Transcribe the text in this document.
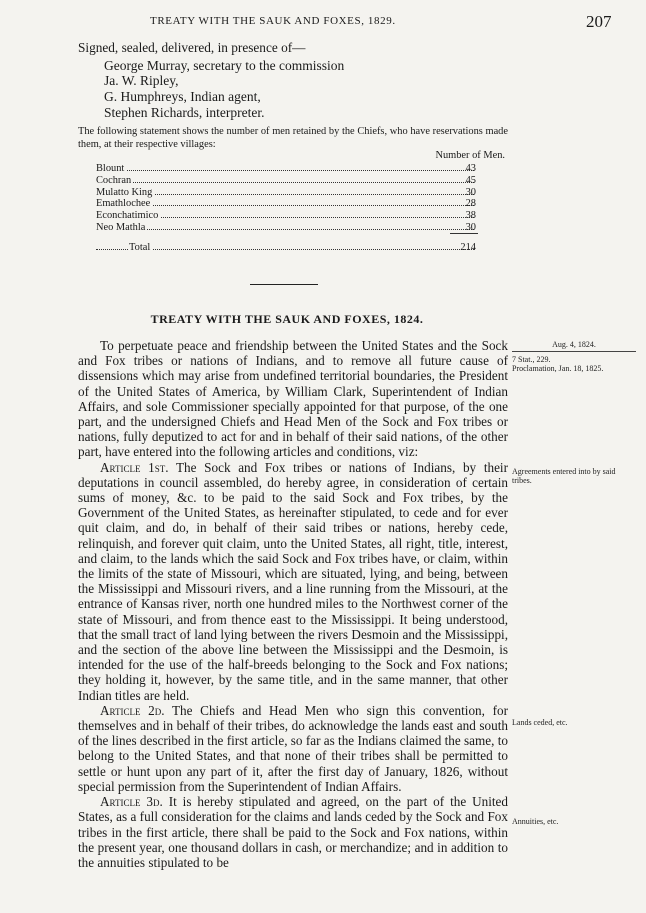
TREATY WITH THE SAUK AND FOXES, 1829.	207

Signed, sealed, delivered, in presence of—

George Murray, secretary to the commission

Ja. W. Ripley,

G. Humphreys, Indian agent,

Stephen Richards, interpreter.

The following statement shows the number of men retained by the Chiefs, who have reservations made them, at their respective villages:
Number of Men.
Blount	43
Cochran	45
Mulatto King	30
Emathlochee	28
Econchatimico	38
Neo Mathla	30
Total	214
TREATY WITH THE SAUK AND FOXES, 1824.

To perpetuate peace and friendship between the United States and the Sock and Fox tribes or nations of Indians, and to remove all future cause of dissensions which may arise from undefined territorial boundaries, the President of the United States of America, by William Clark, Superintendent of Indian Affairs, and sole Commissioner specially appointed for that purpose, of the one part, and the undersigned Chiefs and Head Men of the Sock and Fox tribes or nations, fully deputized to act for and in behalf of their said nations, of the other part, have entered into the following articles and conditions, viz:

Article 1st. The Sock and Fox tribes or nations of Indians, by their deputations in council assembled, do hereby agree, in consideration of certain sums of money, &c. to be paid to the said Sock and Fox tribes, by the Government of the United States, as hereinafter stipulated, to cede and for ever quit claim, and do, in behalf of their said tribes or nations, hereby cede, relinquish, and forever quit claim, unto the United States, all right, title, interest, and claim, to the lands which the said Sock and Fox tribes have, or claim, within the limits of the state of Missouri, which are situated, lying, and being, between the Mississippi and Missouri rivers, and a line running from the Missouri, at the entrance of Kansas river, north one hundred miles to the Northwest corner of the state of Missouri, and from thence east to the Mississippi. It being understood, that the small tract of land lying between the rivers Desmoin and the Mississippi, and the section of the above line between the Mississippi and the Desmoin, is intended for the use of the half-breeds belonging to the Sock and Fox nations; they holding it, however, by the same title, and in the same manner, that other Indian titles are held.

Article 2d. The Chiefs and Head Men who sign this convention, for themselves and in behalf of their tribes, do acknowledge the lands east and south of the lines described in the first article, so far as the Indians claimed the same, to belong to the United States, and that none of their tribes shall be permitted to settle or hunt upon any part of it, after the first day of January, 1826, without special permission from the Superintendent of Indian Affairs.

Article 3d. It is hereby stipulated and agreed, on the part of the United States, as a full consideration for the claims and lands ceded by the Sock and Fox tribes in the first article, there shall be paid to the Sock and Fox nations, within the present year, one thousand dollars in cash, or merchandize; and in addition to the annuities stipulated to be

Aug. 4, 1824.
7 Stat., 229.
Proclamation, Jan. 18, 1825.
Agreements entered into by said tribes.
Lands ceded, etc.
Annuities, etc.
